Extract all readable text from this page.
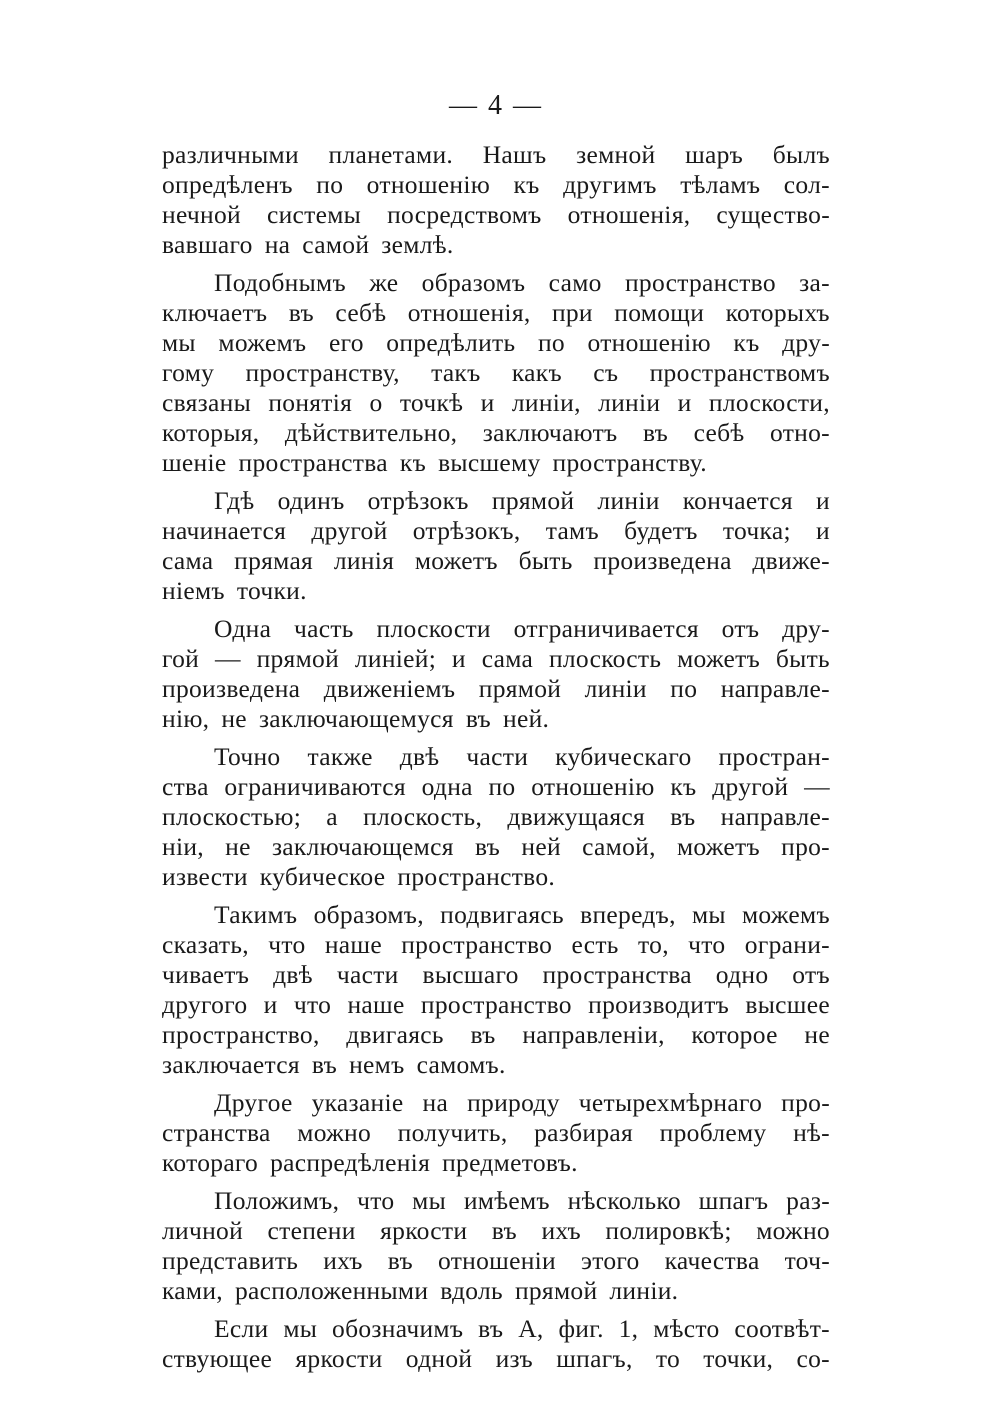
— 4 —
различными планетами. Нашъ земной шаръ былъ
опредѣленъ по отношенію къ другимъ тѣламъ сол-
нечной системы посредствомъ отношенія, существо-
вавшаго на самой землѣ.
Подобнымъ же образомъ само пространство за-
ключаетъ въ себѣ отношенія, при помощи которыхъ
мы можемъ его опредѣлить по отношенію къ дру-
гому пространству, такъ какъ съ пространствомъ
связаны понятія о точкѣ и линіи, линіи и плоскости,
которыя, дѣйствительно, заключаютъ въ себѣ отно-
шеніе пространства къ высшему пространству.
Гдѣ одинъ отрѣзокъ прямой линіи кончается и
начинается другой отрѣзокъ, тамъ будетъ точка; и
сама прямая линія можетъ быть произведена движе-
ніемъ точки.
Одна часть плоскости отграничивается отъ дру-
гой — прямой линіей; и сама плоскость можетъ быть
произведена движеніемъ прямой линіи по направле-
нію, не заключающемуся въ ней.
Точно также двѣ части кубическаго простран-
ства ограничиваются одна по отношенію къ другой —
плоскостью; а плоскость, движущаяся въ направле-
ніи, не заключающемся въ ней самой, можетъ про-
извести кубическое пространство.
Такимъ образомъ, подвигаясь впередъ, мы можемъ
сказать, что наше пространство есть то, что ограни-
чиваетъ двѣ части высшаго пространства одно отъ
другого и что наше пространство производитъ высшее
пространство, двигаясь въ направленіи, которое не
заключается въ немъ самомъ.
Другое указаніе на природу четырехмѣрнаго про-
странства можно получить, разбирая проблему нѣ-
котораго распредѣленія предметовъ.
Положимъ, что мы имѣемъ нѣсколько шпагъ раз-
личной степени яркости въ ихъ полировкѣ; можно
представить ихъ въ отношеніи этого качества точ-
ками, расположенными вдоль прямой линіи.
Если мы обозначимъ въ А, фиг. 1, мѣсто соотвѣт-
ствующее яркости одной изъ шпагъ, то точки, со-
